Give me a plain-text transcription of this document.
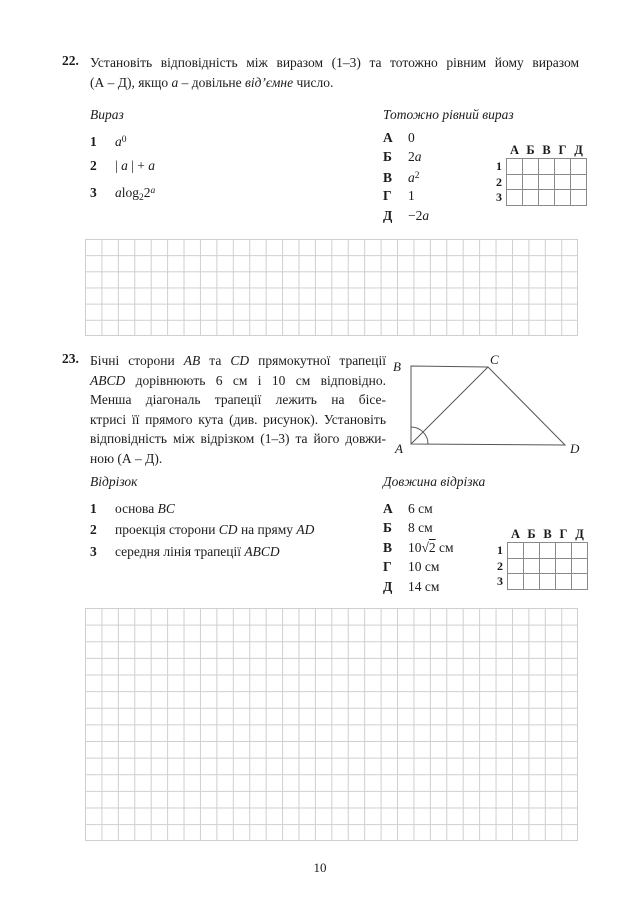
22. Установіть відповідність між виразом (1–3) та тотожно рівним йому виразом
(А – Д), якщо a – довільне від’ємне число.
Вираз	Тотожно рівний вираз
1 $a^0$
2 | a | + a
3 $alog_22^a$
А 0
Б 2a
В $a^2$
Г 1
Д −2a
	А	Б	В	Г	Д
1					
2					
3					
23. Бічні сторони AB та CD прямокутної трапеції
ABCD дорівнюють 6 см і 10 см відповідно.
Менша діагональ трапеції лежить на бісе-
ктрисі її прямого кута (див. рисунок). Установіть
відповідність між відрізком (1–3) та його довжи-
ною (А – Д).
B	C
A	D
Відрізок	Довжина відрізка
1 основа BC
2 проекція сторони CD на пряму AD
3 середня лінія трапеції ABCD
А 6 см
Б 8 см
В 10√2 см
Г 10 см
Д 14 см
	А	Б	В	Г	Д
1					
2					
3					
10
